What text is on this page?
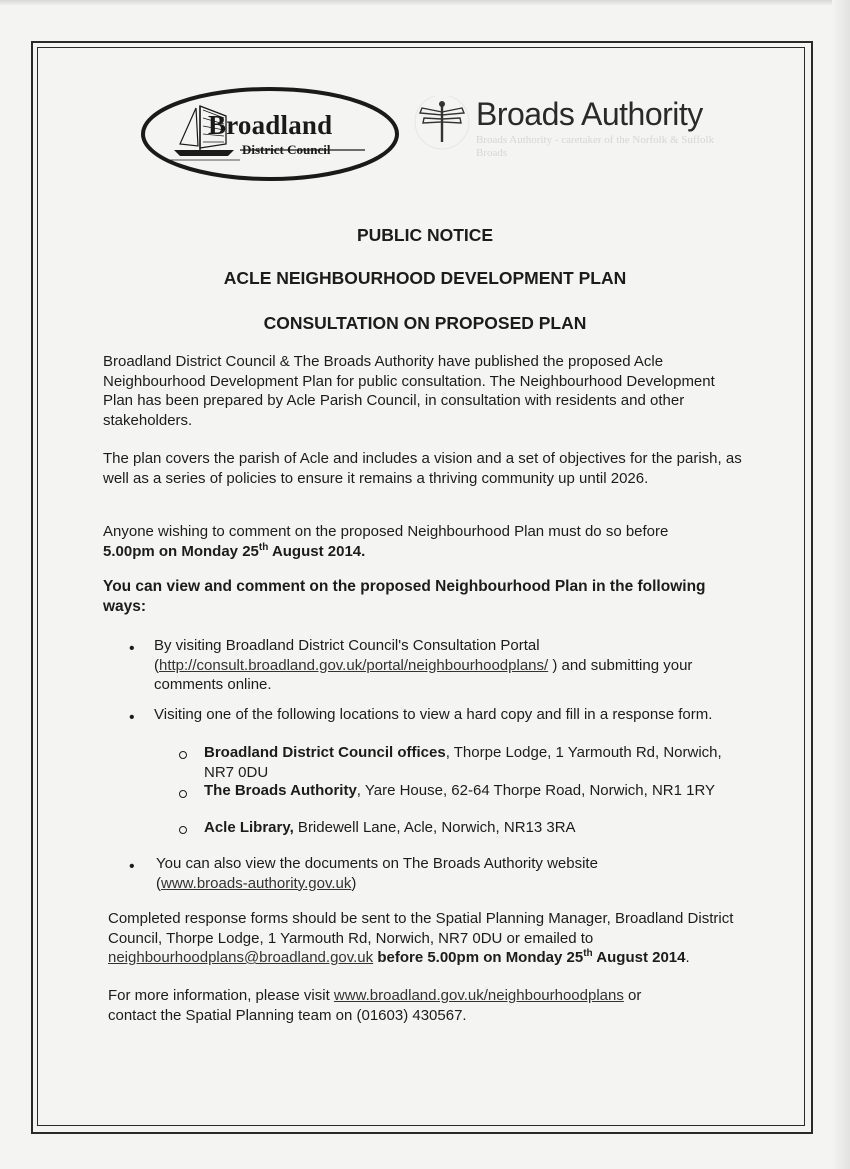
Broadland
District Council
Broads Authority
Broads Authority - caretaker of the Norfolk & Suffolk Broads
PUBLIC NOTICE
ACLE NEIGHBOURHOOD DEVELOPMENT PLAN
CONSULTATION ON PROPOSED PLAN

Broadland District Council & The Broads Authority have published the proposed Acle Neighbourhood Development Plan for public consultation. The Neighbourhood Development Plan has been prepared by Acle Parish Council, in consultation with residents and other stakeholders.

The plan covers the parish of Acle and includes a vision and a set of objectives for the parish, as well as a series of policies to ensure it remains a thriving community up until 2026.

Anyone wishing to comment on the proposed Neighbourhood Plan must do so before
5.00pm on Monday 25th August 2014.
You can view and comment on the proposed Neighbourhood Plan in the following ways:
• By visiting Broadland District Council's Consultation Portal
(http://consult.broadland.gov.uk/portal/neighbourhoodplans/ ) and submitting your
comments online.
• Visiting one of the following locations to view a hard copy and fill in a response form.
Broadland District Council offices, Thorpe Lodge, 1 Yarmouth Rd, Norwich, NR7 0DU
The Broads Authority, Yare House, 62-64 Thorpe Road, Norwich, NR1 1RY
Acle Library, Bridewell Lane, Acle, Norwich, NR13 3RA
• You can also view the documents on The Broads Authority website
(www.broads-authority.gov.uk)
Completed response forms should be sent to the Spatial Planning Manager, Broadland District Council, Thorpe Lodge, 1 Yarmouth Rd, Norwich, NR7 0DU or emailed to neighbourhoodplans@broadland.gov.uk before 5.00pm on Monday 25th August 2014.
For more information, please visit www.broadland.gov.uk/neighbourhoodplans or
contact the Spatial Planning team on (01603) 430567.
